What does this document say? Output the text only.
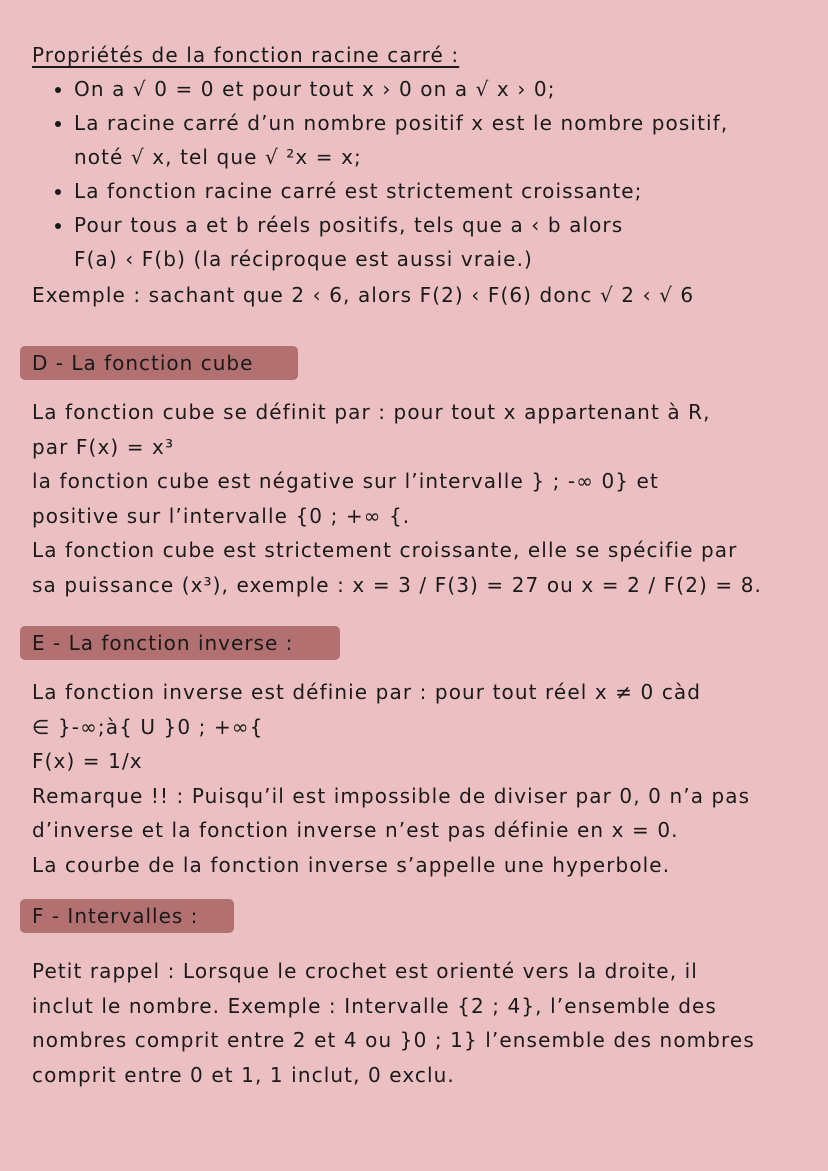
Propriétés de la fonction racine carré :
• On a √ 0 = 0 et pour tout x › 0 on a √ x › 0;
• La racine carré d’un nombre positif x est le nombre positif,
noté √ x, tel que √ ²x = x;
• La fonction racine carré est strictement croissante;
• Pour tous a et b réels positifs, tels que a ‹ b alors
F(a) ‹ F(b) (la réciproque est aussi vraie.)
Exemple : sachant que 2 ‹ 6, alors F(2) ‹ F(6) donc √ 2 ‹ √ 6
D - La fonction cube
La fonction cube se définit par : pour tout x appartenant à R,
par F(x) = x³
la fonction cube est négative sur l’intervalle } ; -∞ 0} et
positive sur l’intervalle {0 ; +∞ {.
La fonction cube est strictement croissante, elle se spécifie par
sa puissance (x³), exemple : x = 3 / F(3) = 27 ou x = 2 / F(2) = 8.
E - La fonction inverse :
La fonction inverse est définie par : pour tout réel x ≠ 0 càd
∈ }-∞;à{ U }0 ; +∞{
F(x) = 1/x
Remarque !! : Puisqu’il est impossible de diviser par 0, 0 n’a pas
d’inverse et la fonction inverse n’est pas définie en x = 0.
La courbe de la fonction inverse s’appelle une hyperbole.
F - Intervalles :
Petit rappel : Lorsque le crochet est orienté vers la droite, il
inclut le nombre. Exemple : Intervalle {2 ; 4}, l’ensemble des
nombres comprit entre 2 et 4 ou }0 ; 1} l’ensemble des nombres
comprit entre 0 et 1, 1 inclut, 0 exclu.
